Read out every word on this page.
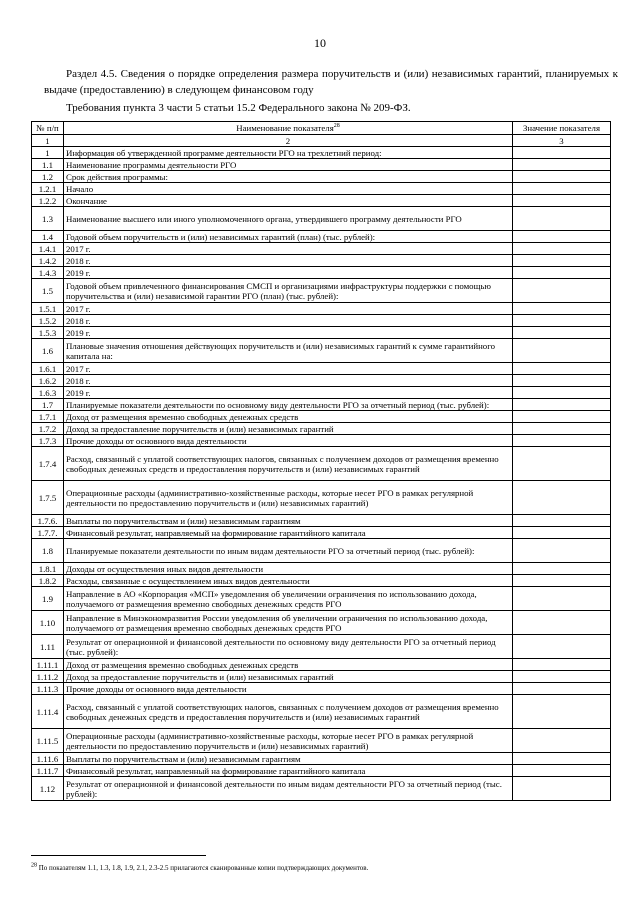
10
Раздел 4.5. Сведения о порядке определения размера поручительств и (или) независимых гарантий, планируемых к выдаче (предоставлению) в следующем финансовом году
Требования пункта 3 части 5 статьи 15.2 Федерального закона № 209-ФЗ.
№ п/п	Наименование показателя$^{28}$	Значение показателя
1	2	3
1	Информация об утвержденной программе деятельности РГО на трехлетний период:	
1.1	Наименование программы деятельности РГО	
1.2	Срок действия программы:	
1.2.1	Начало	
1.2.2	Окончание	
1.3	Наименование высшего или иного уполномоченного органа, утвердившего программу деятельности РГО	
1.4	Годовой объем поручительств и (или) независимых гарантий (план) (тыс. рублей):	
1.4.1	2017 г.	
1.4.2	2018 г.	
1.4.3	2019 г.	
1.5	Годовой объем привлеченного финансирования СМСП и организациями инфраструктуры поддержки с помощью поручительства и (или) независимой гарантии РГО (план) (тыс. рублей):	
1.5.1	2017 г.	
1.5.2	2018 г.	
1.5.3	2019 г.	
1.6	Плановые значения отношения действующих поручительств и (или) независимых гарантий к сумме гарантийного капитала на:	
1.6.1	2017 г.	
1.6.2	2018 г.	
1.6.3	2019 г.	
1.7	Планируемые показатели деятельности по основному виду деятельности РГО за отчетный период (тыс. рублей):	
1.7.1	Доход от размещения временно свободных денежных средств	
1.7.2	Доход за предоставление поручительств и (или) независимых гарантий	
1.7.3	Прочие доходы от основного вида деятельности	
1.7.4	Расход, связанный с уплатой соответствующих налогов, связанных с получением доходов от размещения временно свободных денежных средств и предоставления поручительств и (или) независимых гарантий	
1.7.5	Операционные расходы (административно-хозяйственные расходы, которые несет РГО в рамках регулярной деятельности по предоставлению поручительств и (или) независимых гарантий)	
1.7.6.	Выплаты по поручительствам и (или) независимым гарантиям	
1.7.7.	Финансовый результат, направляемый на формирование гарантийного капитала	
1.8	Планируемые показатели деятельности по иным видам деятельности РГО за отчетный период (тыс. рублей):	
1.8.1	Доходы от осуществления иных видов деятельности	
1.8.2	Расходы, связанные с осуществлением иных видов деятельности	
1.9	Направление в АО «Корпорация «МСП» уведомления об увеличении ограничения по использованию дохода, получаемого от размещения временно свободных денежных средств РГО	
1.10	Направление в Минэкономразвития России уведомления об увеличении ограничения по использованию дохода, получаемого от размещения временно свободных денежных средств РГО	
1.11	Результат от операционной и финансовой деятельности по основному виду деятельности РГО за отчетный период (тыс. рублей):	
1.11.1	Доход от размещения временно свободных денежных средств	
1.11.2	Доход за предоставление поручительств и (или) независимых гарантий	
1.11.3	Прочие доходы от основного вида деятельности	
1.11.4	Расход, связанный с уплатой соответствующих налогов, связанных с получением доходов от размещения временно свободных денежных средств и предоставления поручительств и (или) независимых гарантий	
1.11.5	Операционные расходы (административно-хозяйственные расходы, которые несет РГО в рамках регулярной деятельности по предоставлению поручительств и (или) независимых гарантий)	
1.11.6	Выплаты по поручительствам и (или) независимым гарантиям	
1.11.7	Финансовый результат, направленный на формирование гарантийного капитала	
1.12	Результат от операционной и финансовой деятельности по иным видам деятельности РГО за отчетный период (тыс. рублей):	
$^{28}$ По показателям 1.1, 1.3, 1.8, 1.9, 2.1, 2.3-2.5 прилагаются сканированные копии подтверждающих документов.
